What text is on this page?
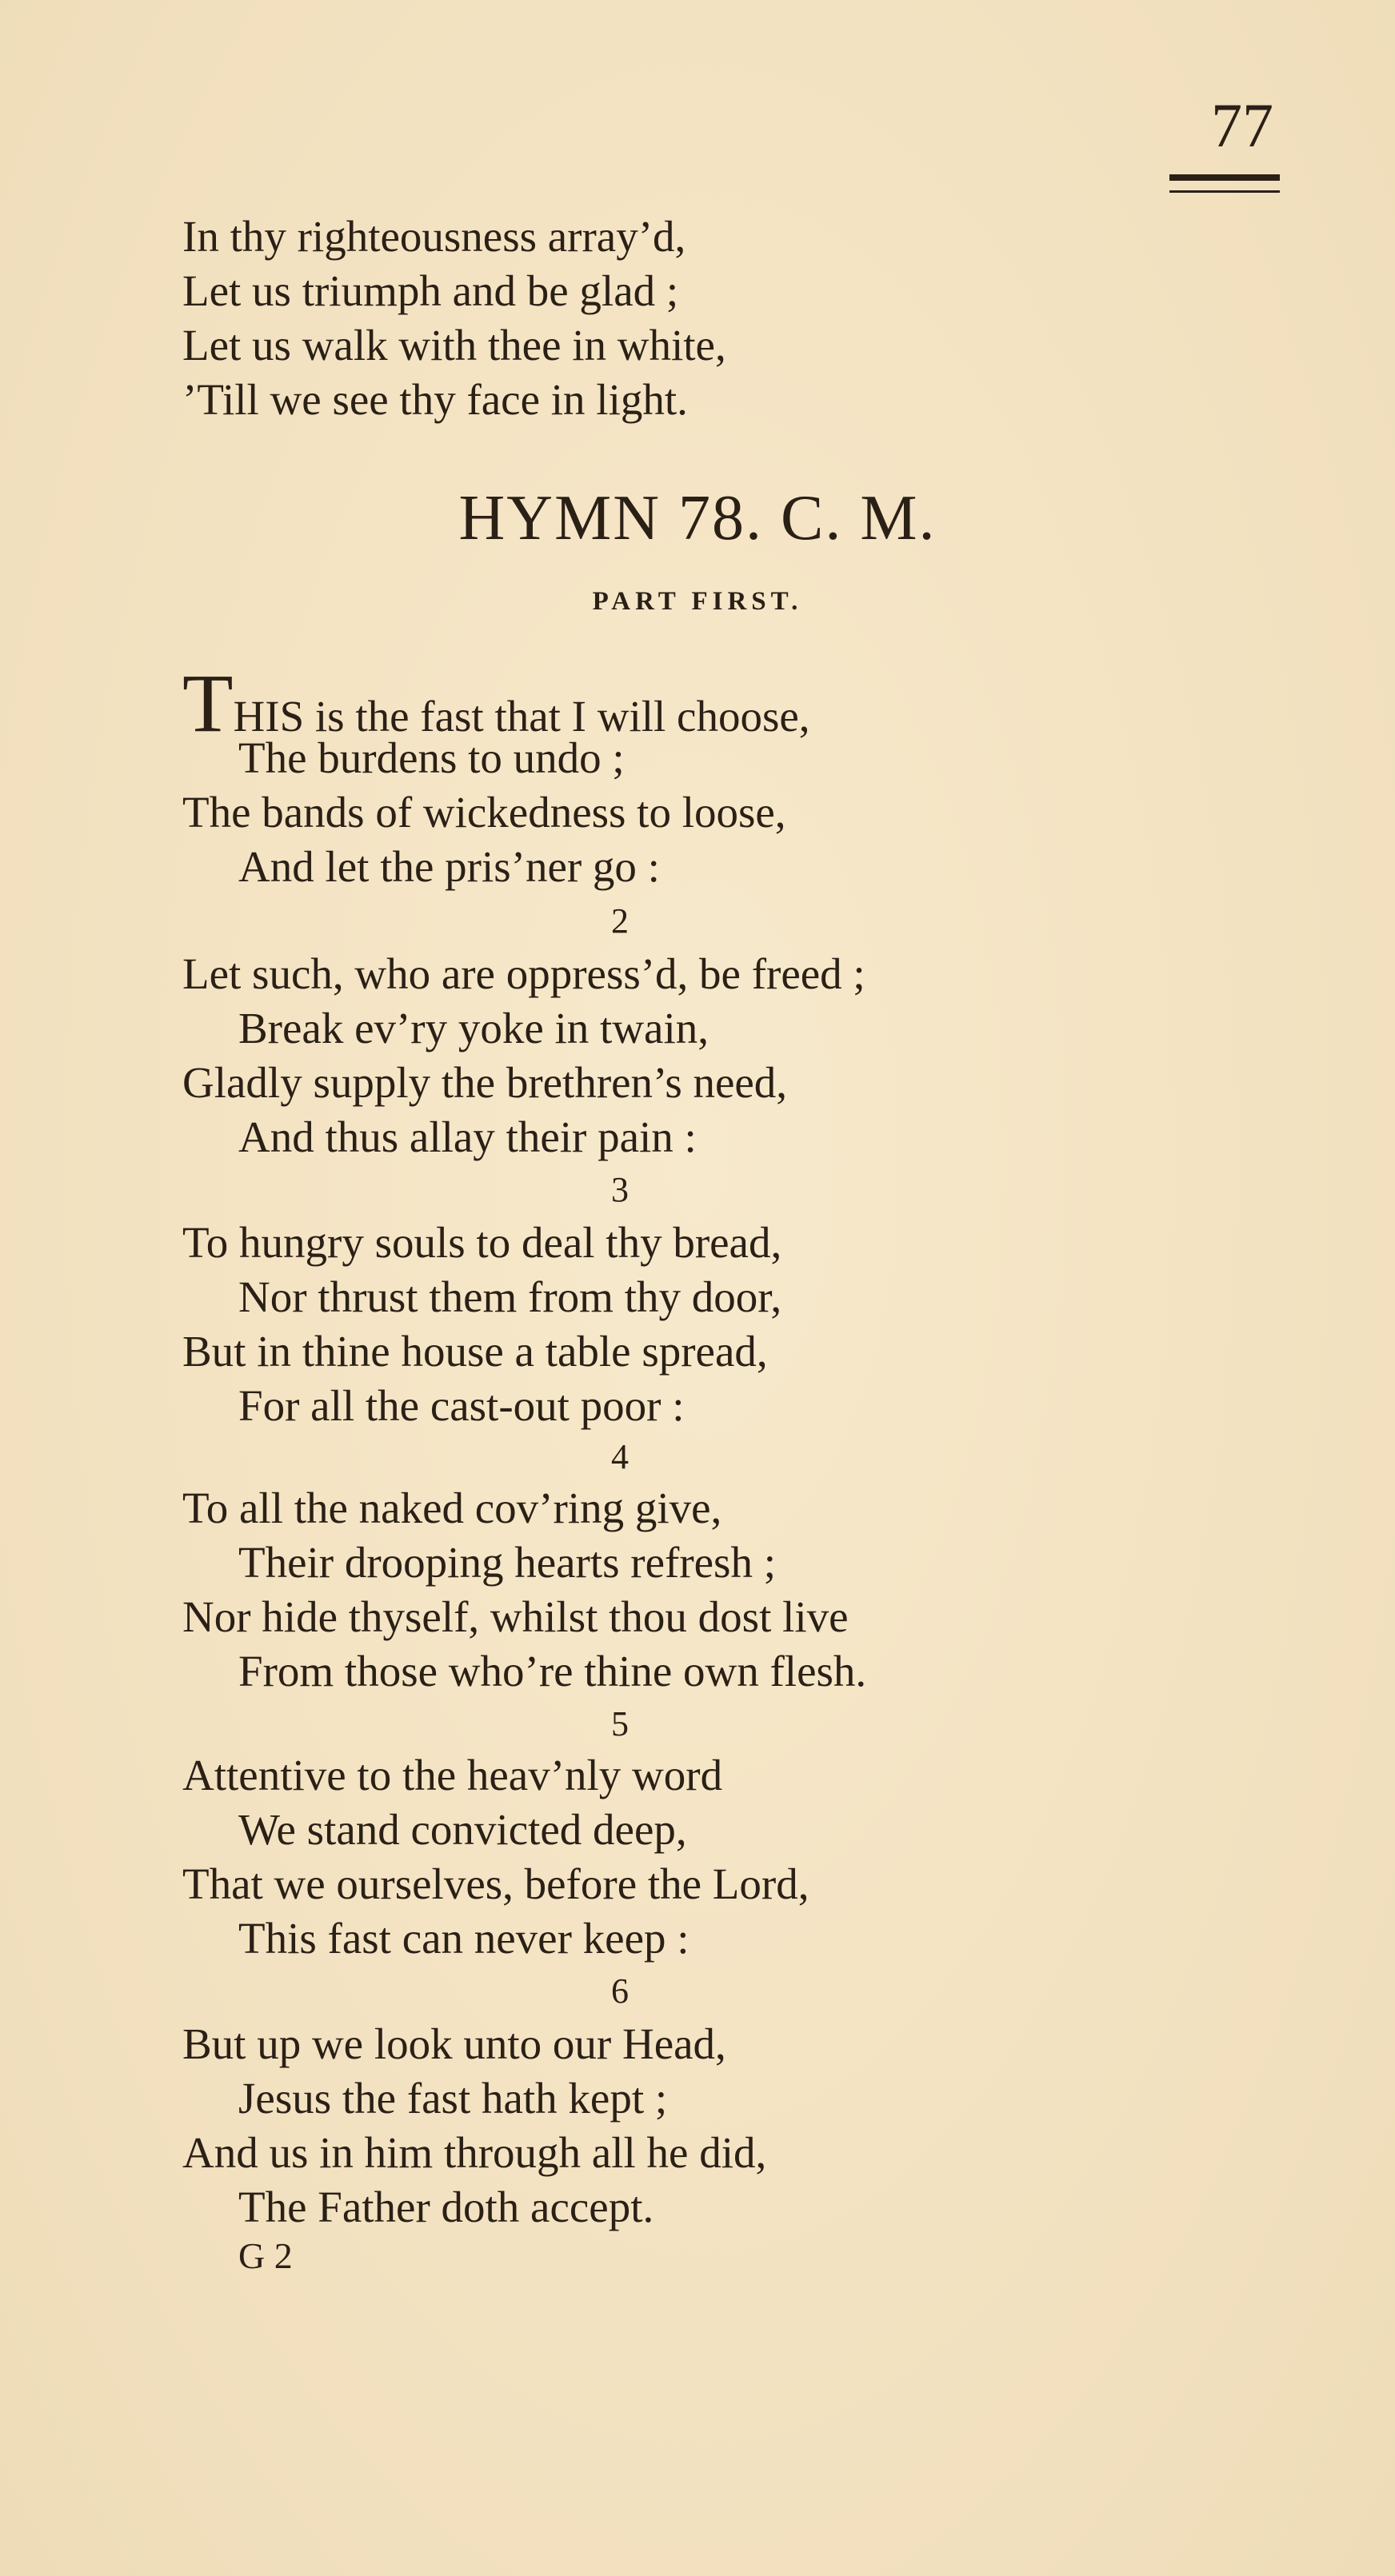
77
In thy righteousness array’d,
Let us triumph and be glad ;
Let us walk with thee in white,
’Till we see thy face in light.
HYMN 78. C. M.
PART FIRST.
THIS is the fast that I will choose,
The burdens to undo ;
The bands of wickedness to loose,
And let the pris’ner go :
2
Let such, who are oppress’d, be freed ;
Break ev’ry yoke in twain,
Gladly supply the brethren’s need,
And thus allay their pain :
3
To hungry souls to deal thy bread,
Nor thrust them from thy door,
But in thine house a table spread,
For all the cast-out poor :
4
To all the naked cov’ring give,
Their drooping hearts refresh ;
Nor hide thyself, whilst thou dost live
From those who’re thine own flesh.
5
Attentive to the heav’nly word
We stand convicted deep,
That we ourselves, before the Lord,
This fast can never keep :
6
But up we look unto our Head,
Jesus the fast hath kept ;
And us in him through all he did,
The Father doth accept.
G 2
